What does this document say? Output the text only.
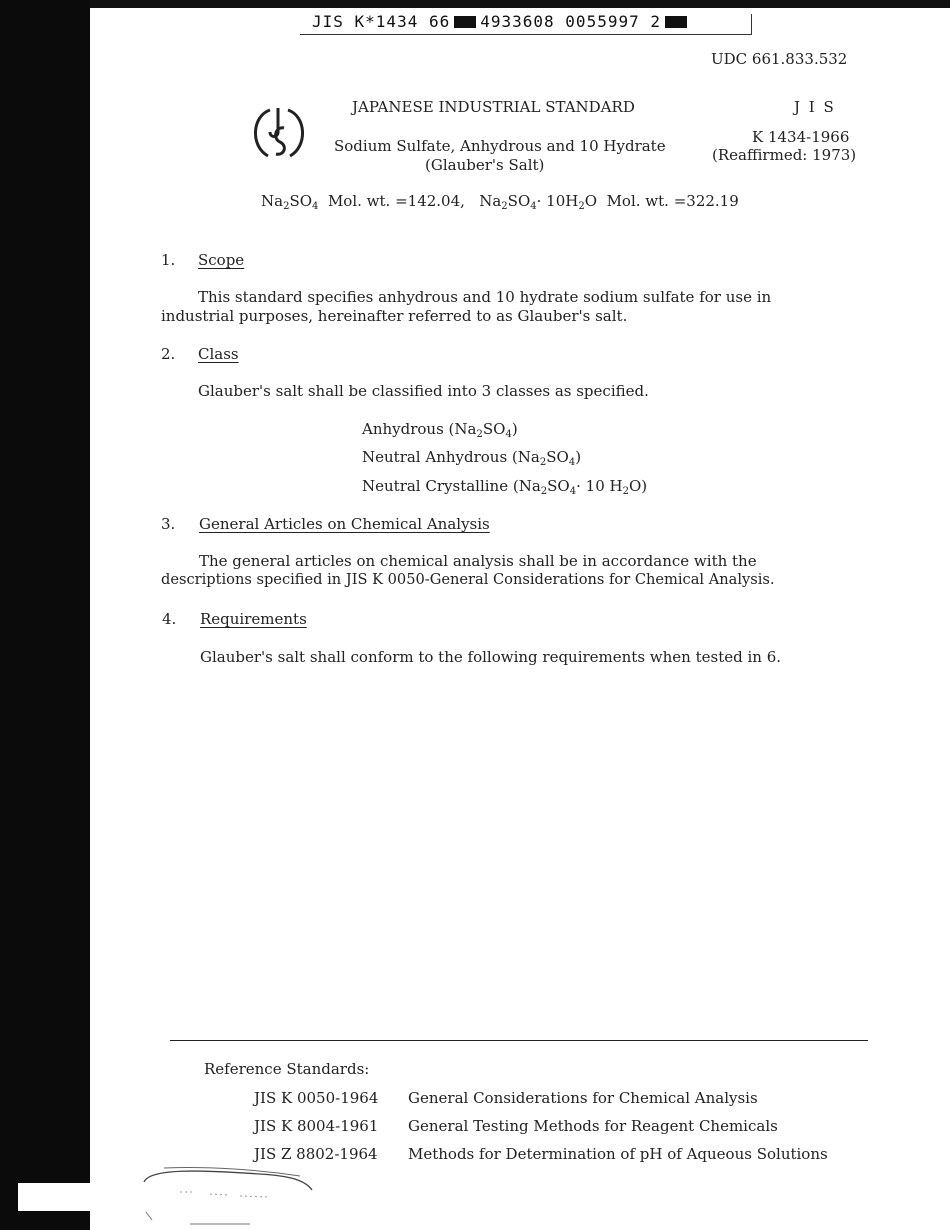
JIS K*1434 66 4933608 0055997 2
UDC 661.833.532
JAPANESE INDUSTRIAL STANDARD	J I S
Sodium Sulfate, Anhydrous and 10 Hydrate
(Glauber's Salt)
K 1434-1966
(Reaffirmed: 1973)
$Na_2SO_4$ Mol. wt. =142.04, $Na_2SO_4\cdot 10H_2O$ Mol. wt. =322.19
1. Scope
This standard specifies anhydrous and 10 hydrate sodium sulfate for use in
industrial purposes, hereinafter referred to as Glauber's salt.
2. Class
Glauber's salt shall be classified into 3 classes as specified.
Anhydrous $(Na_2SO_4)$
Neutral Anhydrous $(Na_2SO_4)$
Neutral Crystalline ($Na_2SO_4\cdot 10$ $H_2O$)
3. General Articles on Chemical Analysis
The general articles on chemical analysis shall be in accordance with the
descriptions specified in JIS K 0050-General Considerations for Chemical Analysis.
4. Requirements
Glauber's salt shall conform to the following requirements when tested in 6.
Reference Standards:
JIS K 0050-1964 General Considerations for Chemical Analysis
JIS K 8004-1961 General Testing Methods for Reagent Chemicals
JIS Z 8802-1964 Methods for Determination of pH of Aqueous Solutions
